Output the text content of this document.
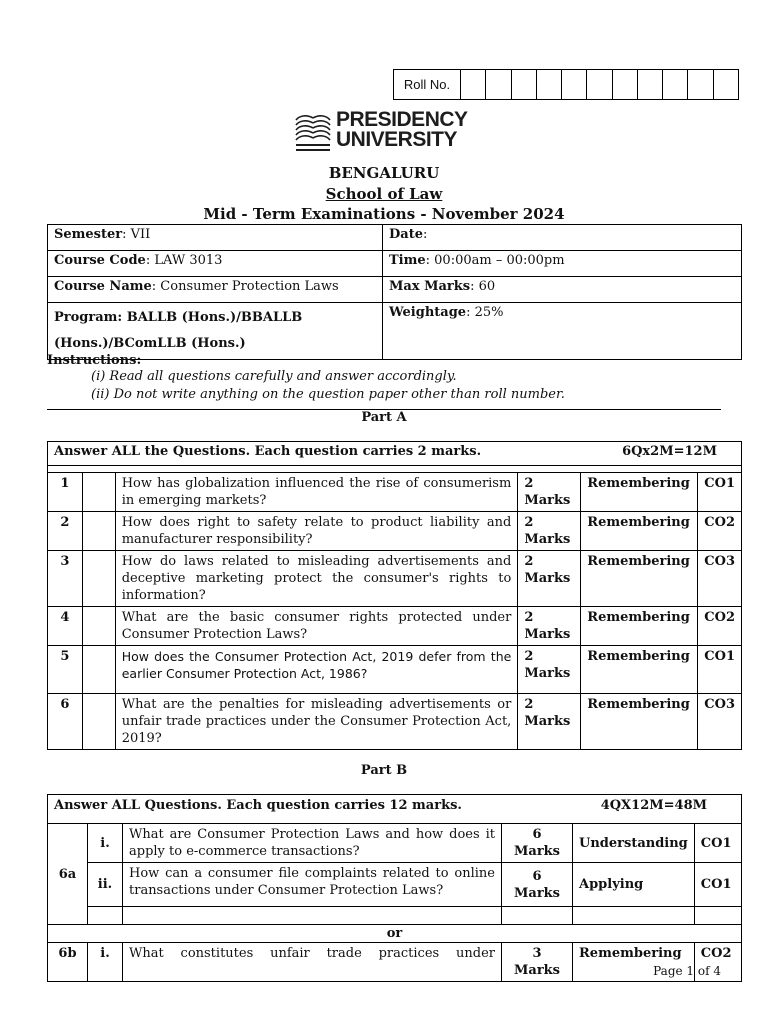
Roll No.
PRESIDENCY
UNIVERSITY
BENGALURU
School of Law
Mid - Term Examinations - November 2024
Semester: VII	Date:
Course Code: LAW 3013	Time: 00:00am – 00:00pm
Course Name: Consumer Protection Laws	Max Marks: 60
Program: BALLB (Hons.)/BBALLB
(Hons.)/BComLLB (Hons.)	Weightage: 25%
Instructions:
(i) Read all questions carefully and answer accordingly.
(ii) Do not write anything on the question paper other than roll number.
Part A
Answer ALL the Questions. Each question carries 2 marks. 6Qx2M=12M					

1		How has globalization influenced the rise of consumerism in emerging markets?	2 Marks	Remembering	CO1
2		How does right to safety relate to product liability and manufacturer responsibility?	2 Marks	Remembering	CO2
3		How do laws related to misleading advertisements and deceptive marketing protect the consumer's rights to information?	2 Marks	Remembering	CO3
4		What are the basic consumer rights protected under Consumer Protection Laws?	2 Marks	Remembering	CO2
5		How does the Consumer Protection Act, 2019 defer from the earlier Consumer Protection Act, 1986?	2 Marks	Remembering	CO1
6		What are the penalties for misleading advertisements or unfair trade practices under the Consumer Protection Act, 2019?	2 Marks	Remembering	CO3
Part B
Answer ALL Questions. Each question carries 12 marks. 4QX12M=48M					

6a	i.	What are Consumer Protection Laws and how does it apply to e-commerce transactions?	6 Marks	Understanding	CO1
	ii.	How can a consumer file complaints related to online transactions under Consumer Protection Laws?	6 Marks	Applying	CO1

or					
6b	i.	What constitutes unfair trade practices under	3 Marks	Remembering	CO2
Page 1 of 4
